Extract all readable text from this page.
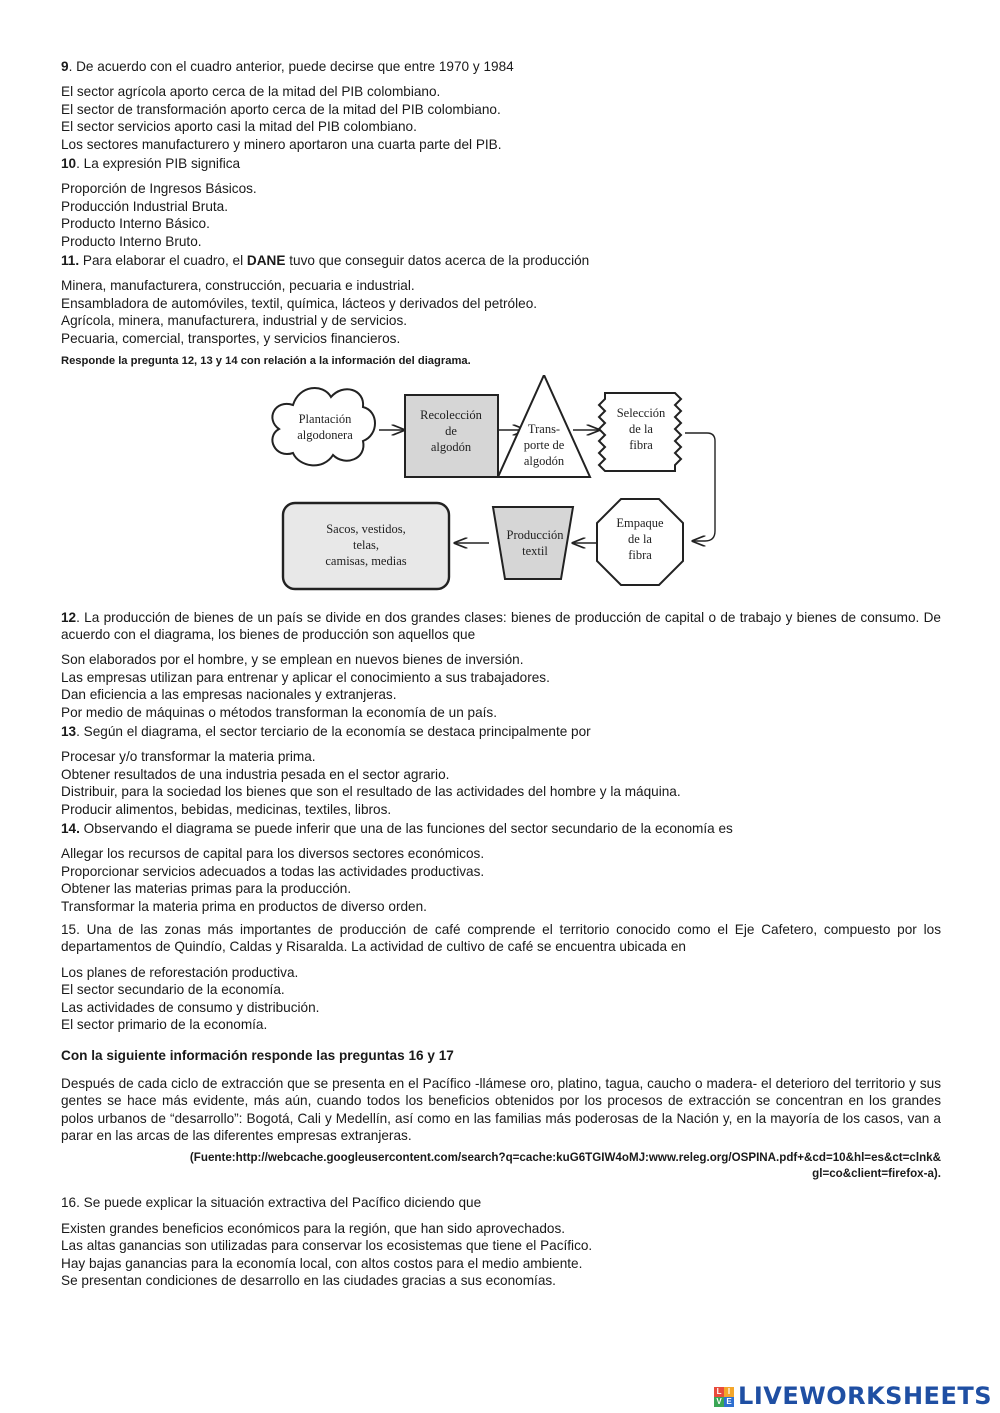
9. De acuerdo con el cuadro anterior, puede decirse que entre 1970 y 1984

El sector agrícola aporto cerca de la mitad del PIB colombiano.

El sector de transformación aporto cerca de la mitad del PIB colombiano.

El sector servicios aporto casi la mitad del PIB colombiano.

Los sectores manufacturero y minero aportaron una cuarta parte del PIB.

10. La expresión PIB significa

Proporción de Ingresos Básicos.

Producción Industrial Bruta.

Producto Interno Básico.

Producto Interno Bruto.

11. Para elaborar el cuadro, el DANE tuvo que conseguir datos acerca de la producción

Minera, manufacturera, construcción, pecuaria e industrial.

Ensambladora de automóviles, textil, química, lácteos y derivados del petróleo.

Agrícola, minera, manufacturera, industrial y de servicios.

Pecuaria, comercial, transportes, y servicios financieros.

Responde la pregunta 12, 13 y 14 con relación a la información del diagrama.

Plantación
algodonera
Recolección
de
algodón
Trans-
porte de
algodón
Selección
de la
fibra
Empaque
de la
fibra
Producción
textil
Sacos, vestidos,
telas,
camisas, medias

12. La producción de bienes de un país se divide en dos grandes clases: bienes de producción de capital o de trabajo y bienes de consumo. De acuerdo con el diagrama, los bienes de producción son aquellos que

Son elaborados por el hombre, y se emplean en nuevos bienes de inversión.

Las empresas utilizan para entrenar y aplicar el conocimiento a sus trabajadores.

Dan eficiencia a las empresas nacionales y extranjeras.

Por medio de máquinas o métodos transforman la economía de un país.

13. Según el diagrama, el sector terciario de la economía se destaca principalmente por

Procesar y/o transformar la materia prima.

Obtener resultados de una industria pesada en el sector agrario.

Distribuir, para la sociedad los bienes que son el resultado de las actividades del hombre y la máquina.

Producir alimentos, bebidas, medicinas, textiles, libros.

14. Observando el diagrama se puede inferir que una de las funciones del sector secundario de la economía es

Allegar los recursos de capital para los diversos sectores económicos.

Proporcionar servicios adecuados a todas las actividades productivas.

Obtener las materias primas para la producción.

Transformar la materia prima en productos de diverso orden.

15. Una de las zonas más importantes de producción de café comprende el territorio conocido como el Eje Cafetero, compuesto por los departamentos de Quindío, Caldas y Risaralda. La actividad de cultivo de café se encuentra ubicada en

Los planes de reforestación productiva.

El sector secundario de la economía.

Las actividades de consumo y distribución.

El sector primario de la economía.

Con la siguiente información responde las preguntas 16 y 17

Después de cada ciclo de extracción que se presenta en el Pacífico -llámese oro, platino, tagua, caucho o madera- el deterioro del territorio y sus gentes se hace más evidente, más aún, cuando todos los beneficios obtenidos por los procesos de extracción se concentran en los grandes polos urbanos de “desarrollo”: Bogotá, Cali y Medellín, así como en las familias más poderosas de la Nación y, en la mayoría de los casos, van a parar en las arcas de las diferentes empresas extranjeras.

(Fuente:http://webcache.googleusercontent.com/search?q=cache:kuG6TGIW4oMJ:www.releg.org/OSPINA.pdf+&cd=10&hl=es&ct=clnk&
gl=co&client=firefox-a).

16. Se puede explicar la situación extractiva del Pacífico diciendo que

Existen grandes beneficios económicos para la región, que han sido aprovechados.

Las altas ganancias son utilizadas para conservar los ecosistemas que tiene el Pacífico.

Hay bajas ganancias para la economía local, con altos costos para el medio ambiente.

Se presentan condiciones de desarrollo en las ciudades gracias a sus economías.

L I
V E LIVEWORKSHEETS
